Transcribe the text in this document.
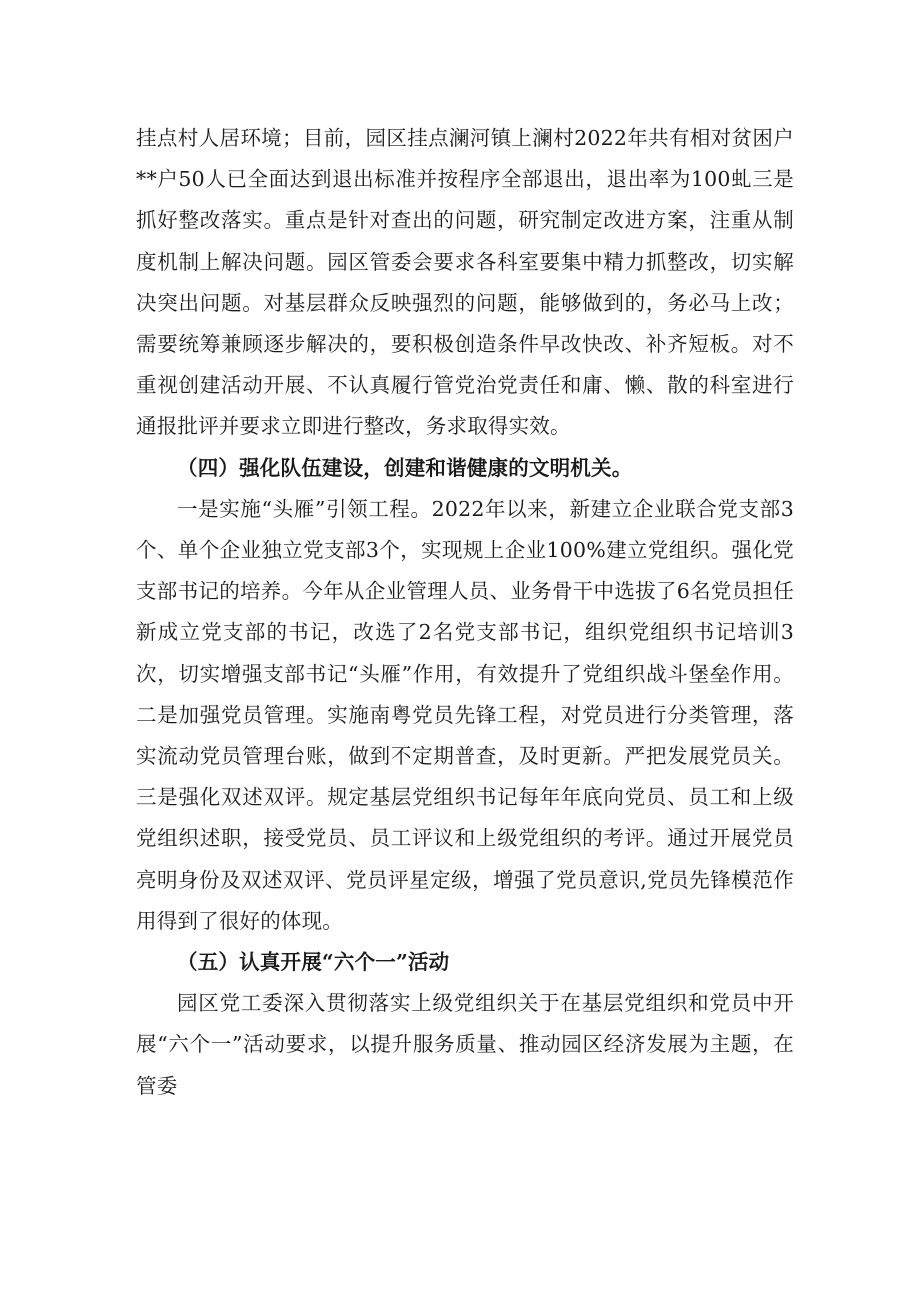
挂点村人居环境；目前，园区挂点澜河镇上澜村2022年共有相对贫困户**户50人已全面达到退出标准并按程序全部退出，退出率为100虬三是抓好整改落实。重点是针对查出的问题，研究制定改进方案，注重从制度机制上解决问题。园区管委会要求各科室要集中精力抓整改，切实解决突出问题。对基层群众反映强烈的问题，能够做到的，务必马上改；需要统筹兼顾逐步解决的，要积极创造条件早改快改、补齐短板。对不重视创建活动开展、不认真履行管党治党责任和庸、懒、散的科室进行通报批评并要求立即进行整改，务求取得实效。

（四）强化队伍建设，创建和谐健康的文明机关。

一是实施“头雁”引领工程。2022年以来，新建立企业联合党支部3个、单个企业独立党支部3个，实现规上企业100%建立党组织。强化党支部书记的培养。今年从企业管理人员、业务骨干中选拔了6名党员担任新成立党支部的书记，改选了2名党支部书记，组织党组织书记培训3次，切实增强支部书记“头雁”作用，有效提升了党组织战斗堡垒作用。二是加强党员管理。实施南粤党员先锋工程，对党员进行分类管理，落实流动党员管理台账，做到不定期普查，及时更新。严把发展党员关。三是强化双述双评。规定基层党组织书记每年年底向党员、员工和上级党组织述职，接受党员、员工评议和上级党组织的考评。通过开展党员亮明身份及双述双评、党员评星定级，增强了党员意识,党员先锋模范作用得到了很好的体现。

（五）认真开展“六个一”活动

园区党工委深入贯彻落实上级党组织关于在基层党组织和党员中开展“六个一”活动要求，以提升服务质量、推动园区经济发展为主题，在管委
